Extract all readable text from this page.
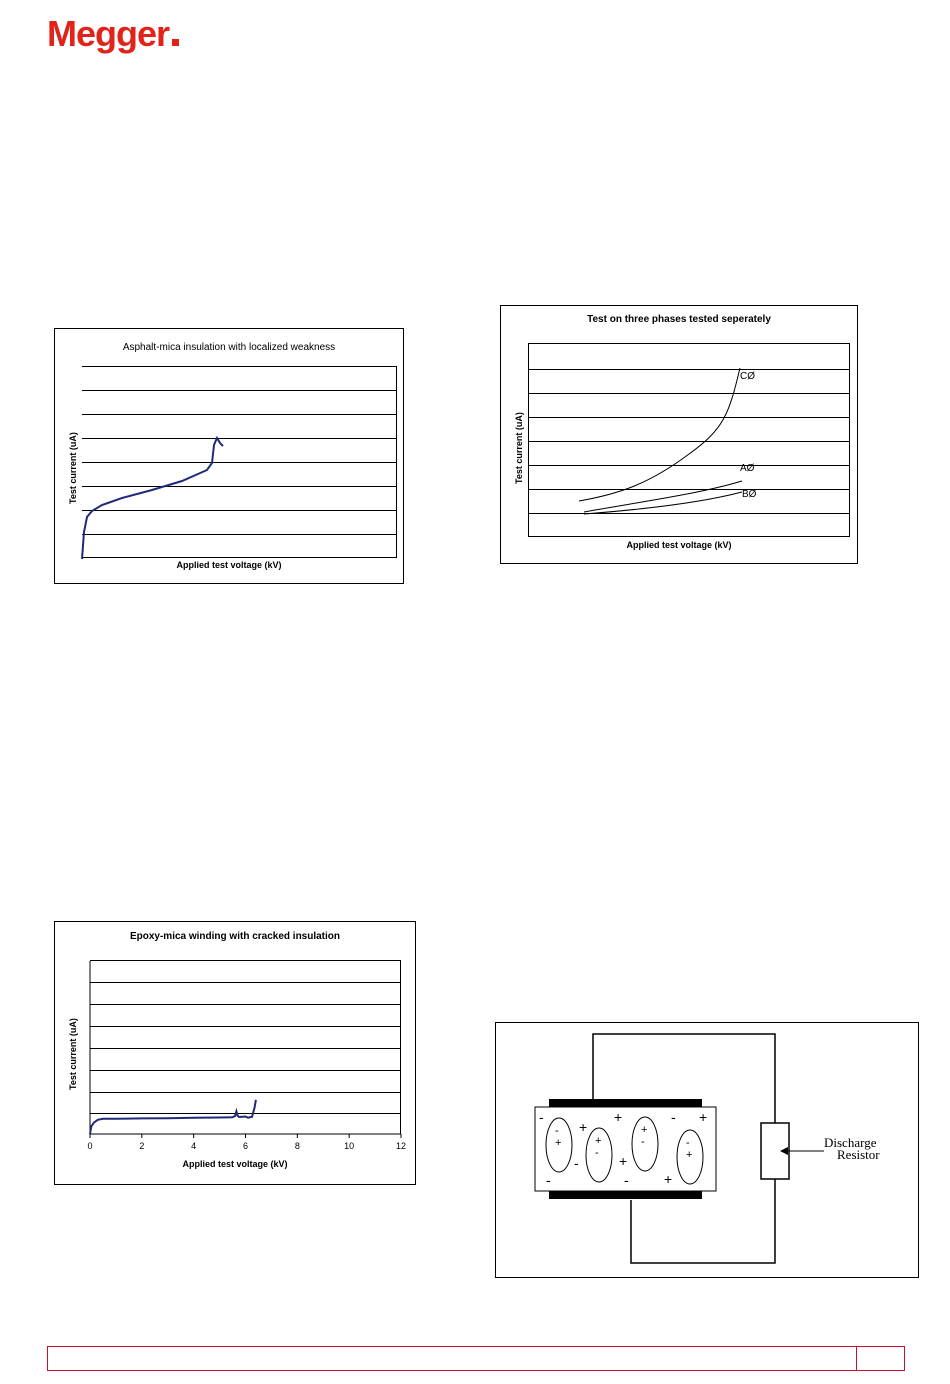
Megger
Asphalt-mica insulation with localized weakness
Test current (uA)
Applied test voltage (kV)
Test on three phases tested seperately
CØ
AØ
BØ
Test current (uA)
Applied test voltage (kV)
Epoxy-mica winding with cracked insulation
0	2	4	6	8	10	12
Test current (uA)
Applied test voltage (kV)
-
+	+
-
+
-	-
+
-
+
+	- +
-	+
-	-	+
Discharge
Resistor
